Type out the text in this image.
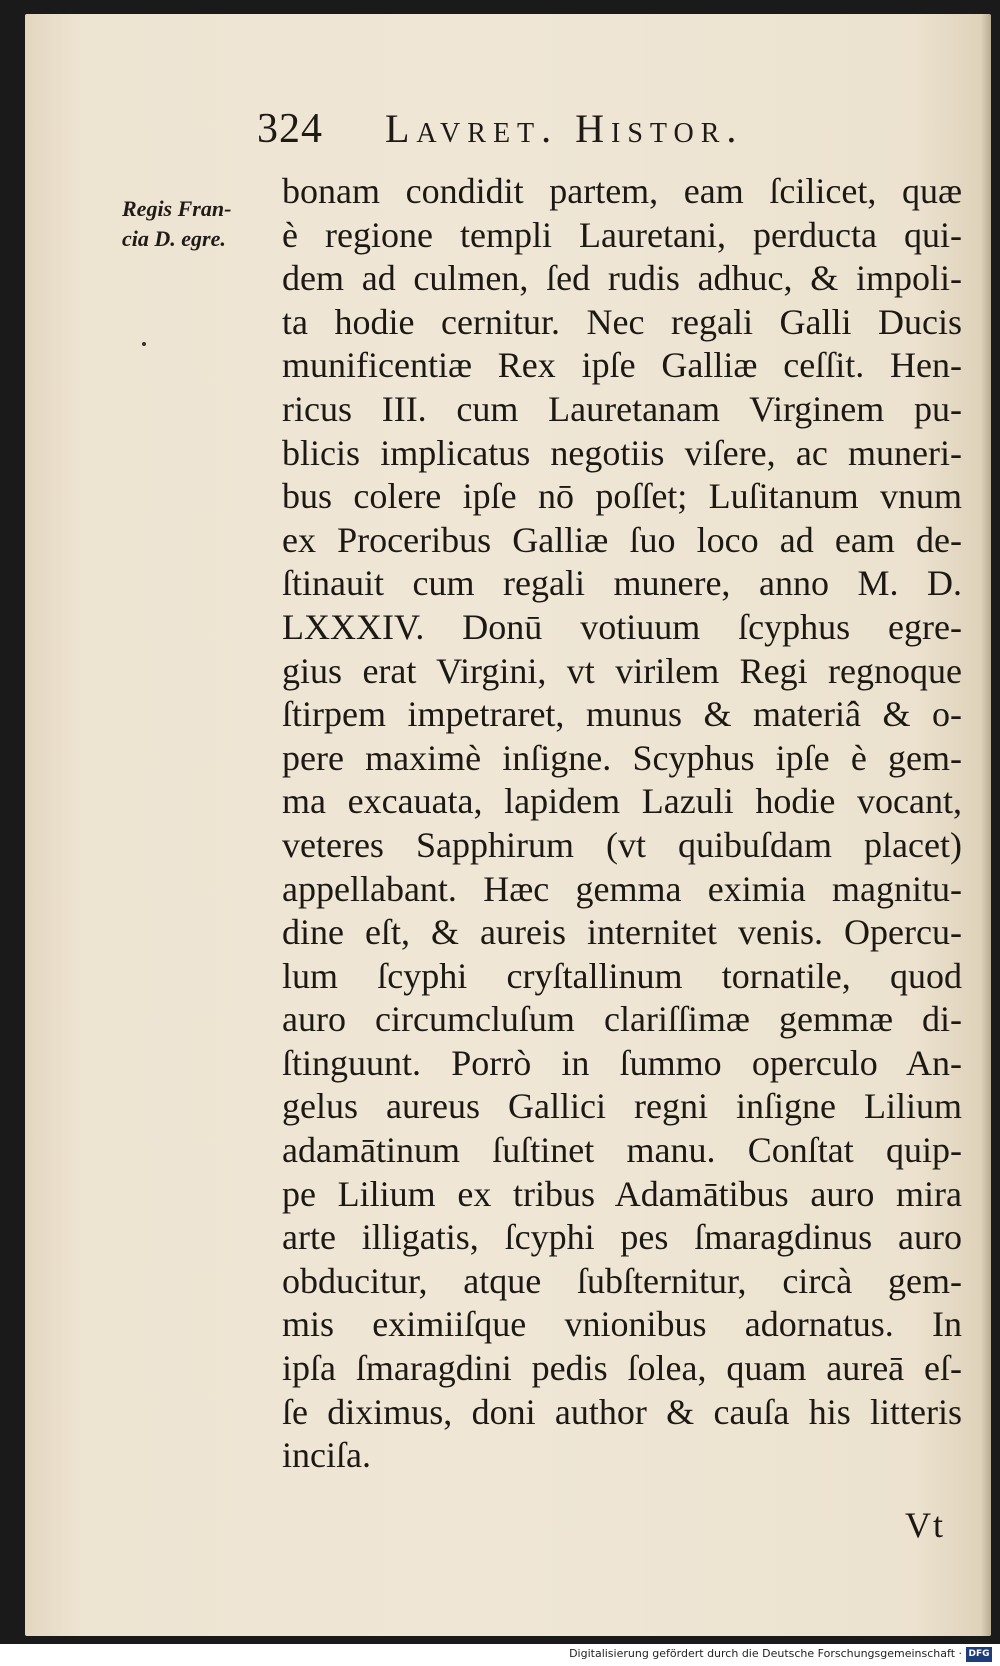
324 Lavret. Histor.
Regis Fran-
cia D. egre.
bonam condidit partem, eam ſcilicet, quæ
è regione templi Lauretani, perducta qui-
dem ad culmen, ſed rudis adhuc, & impoli-
ta hodie cernitur. Nec regali Galli Ducis
munificentiæ Rex ipſe Galliæ ceſſit. Hen-
ricus III. cum Lauretanam Virginem pu-
blicis implicatus negotiis viſere, ac muneri-
bus colere ipſe nō poſſet; Luſitanum vnum
ex Proceribus Galliæ ſuo loco ad eam de-
ſtinauit cum regali munere, anno M. D.
LXXXIV. Donū votiuum ſcyphus egre-
gius erat Virgini, vt virilem Regi regnoque
ſtirpem impetraret, munus & materiâ & o-
pere maximè inſigne. Scyphus ipſe è gem-
ma excauata, lapidem Lazuli hodie vocant,
veteres Sapphirum (vt quibuſdam placet)
appellabant. Hæc gemma eximia magnitu-
dine eſt, & aureis internitet venis. Opercu-
lum ſcyphi cryſtallinum tornatile, quod
auro circumcluſum clariſſimæ gemmæ di-
ſtinguunt. Porrò in ſummo operculo An-
gelus aureus Gallici regni inſigne Lilium
adamātinum ſuſtinet manu. Conſtat quip-
pe Lilium ex tribus Adamātibus auro mira
arte illigatis, ſcyphi pes ſmaragdinus auro
obducitur, atque ſubſternitur, circà gem-
mis eximiiſque vnionibus adornatus. In
ipſa ſmaragdini pedis ſolea, quam aureā eſ-
ſe diximus, doni author & cauſa his litteris
inciſa.
Vt
Digitalisierung gefördert durch die Deutsche Forschungsgemeinschaft · DFG
